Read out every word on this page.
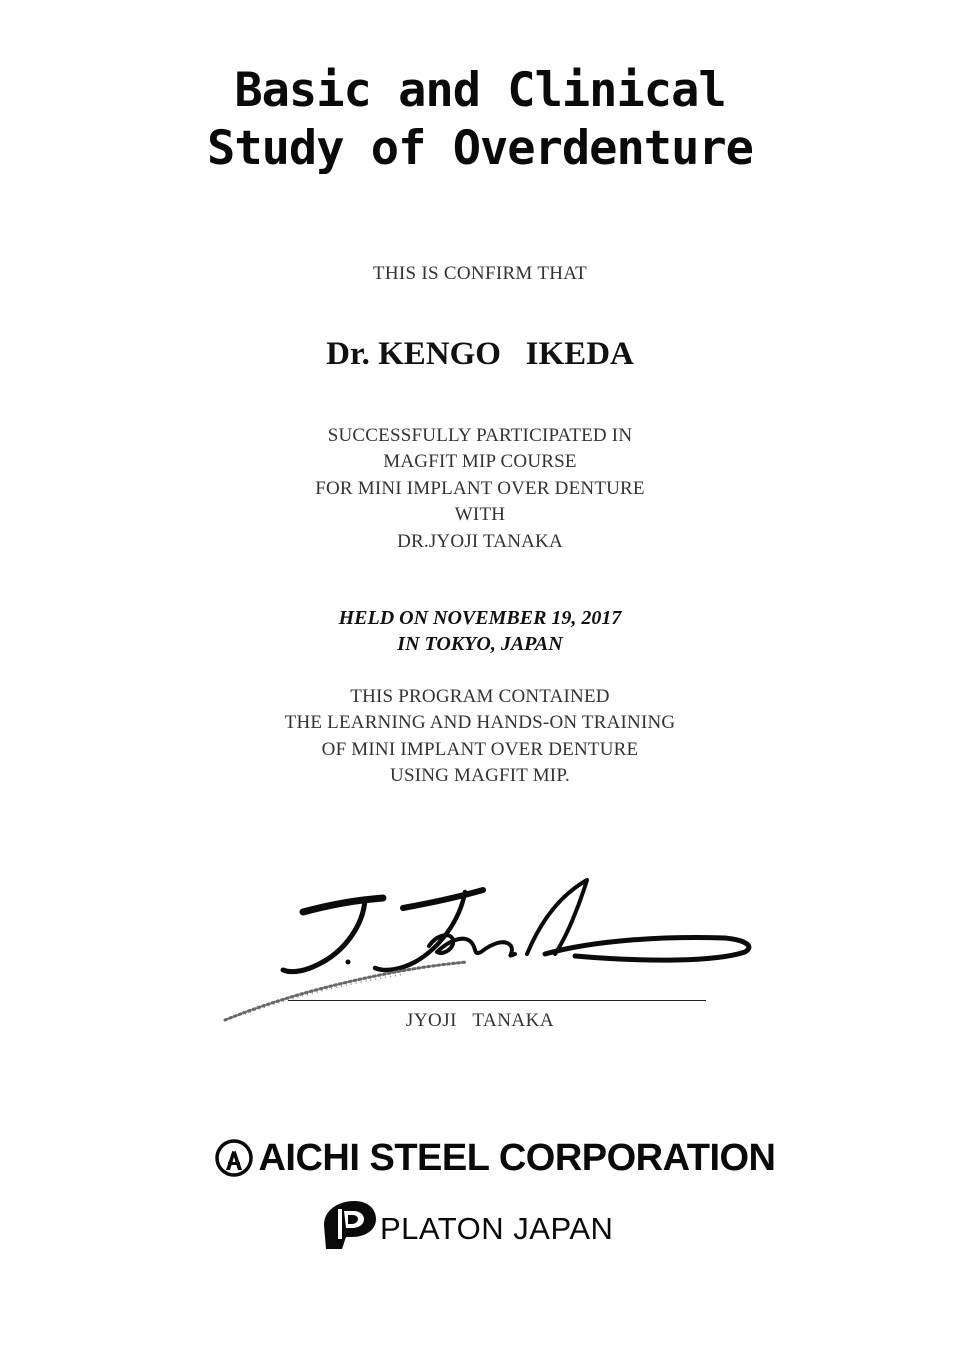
Basic and Clinical
Study of Overdenture
THIS IS CONFIRM THAT
Dr. KENGO   IKEDA
SUCCESSFULLY PARTICIPATED IN
MAGFIT MIP COURSE
FOR MINI IMPLANT OVER DENTURE
WITH
DR.JYOJI TANAKA
HELD ON NOVEMBER 19, 2017
IN TOKYO, JAPAN
THIS PROGRAM CONTAINED
THE LEARNING AND HANDS-ON TRAINING
OF MINI IMPLANT OVER DENTURE
USING MAGFIT MIP.
JYOJI   TANAKA
AICHI STEEL CORPORATION
PLATON JAPAN
